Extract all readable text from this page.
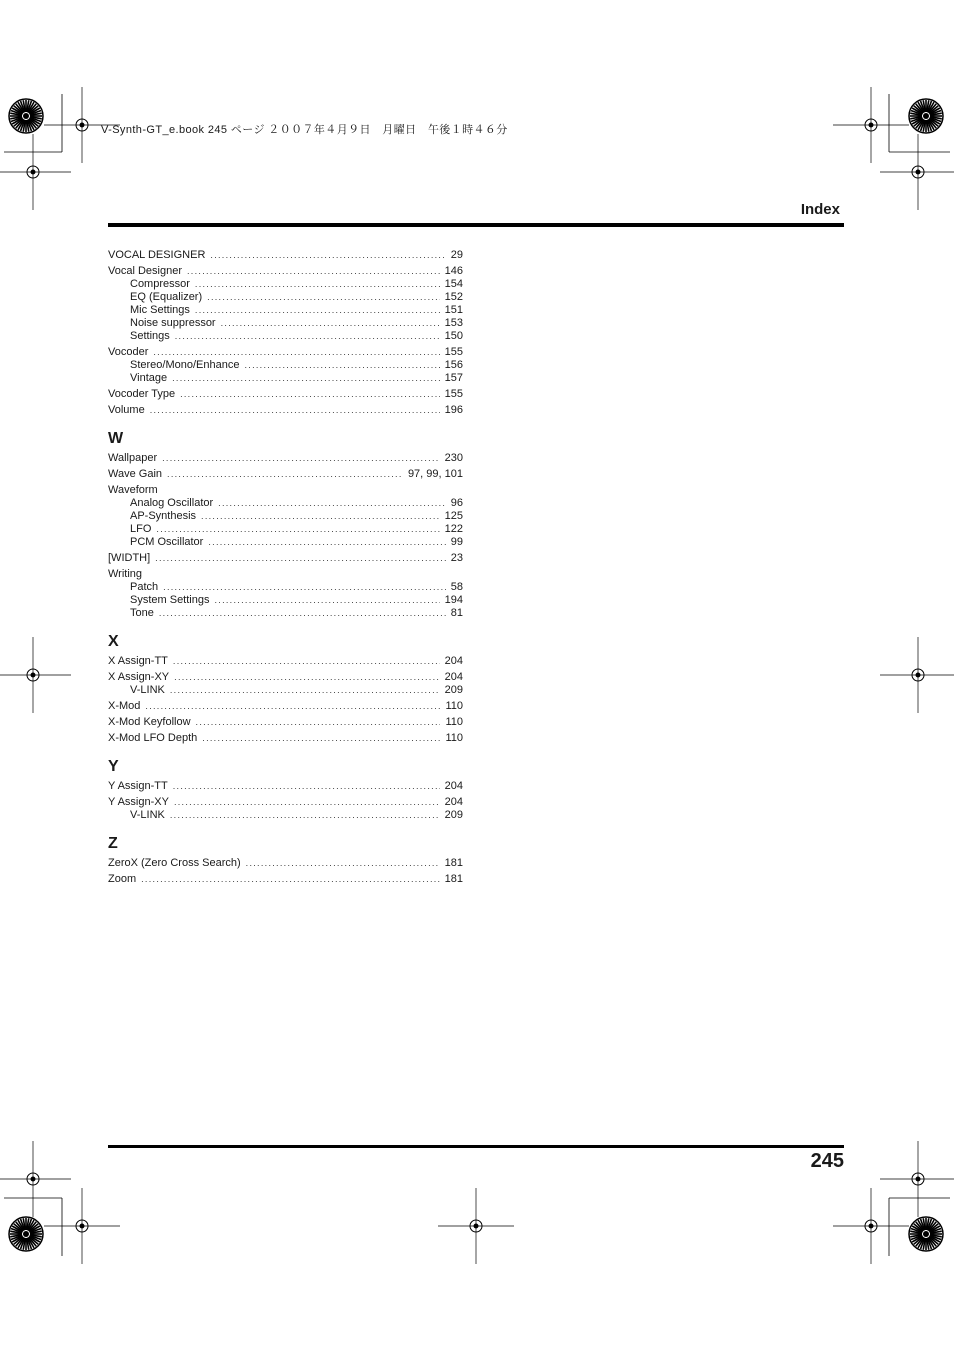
V-Synth-GT_e.book 245 ページ ２００７年４月９日　月曜日　午後１時４６分
Index
VOCAL DESIGNER .....	29
Vocal Designer .....	146
Compressor .....	154
EQ (Equalizer) .....	152
Mic Settings .....	151
Noise suppressor .....	153
Settings .....	150
Vocoder .....	155
Stereo/Mono/Enhance .....	156
Vintage .....	157
Vocoder Type .....	155
Volume .....	196
W
Wallpaper .....	230
Wave Gain .....	97, 99, 101
Waveform
Analog Oscillator .....	96
AP-Synthesis .....	125
LFO .....	122
PCM Oscillator .....	99
[WIDTH] .....	23
Writing
Patch .....	58
System Settings .....	194
Tone .....	81
X
X Assign-TT .....	204
X Assign-XY .....	204
V-LINK .....	209
X-Mod .....	110
X-Mod Keyfollow .....	110
X-Mod LFO Depth .....	110
Y
Y Assign-TT .....	204
Y Assign-XY .....	204
V-LINK .....	209
Z
ZeroX (Zero Cross Search) .....	181
Zoom .....	181
245
